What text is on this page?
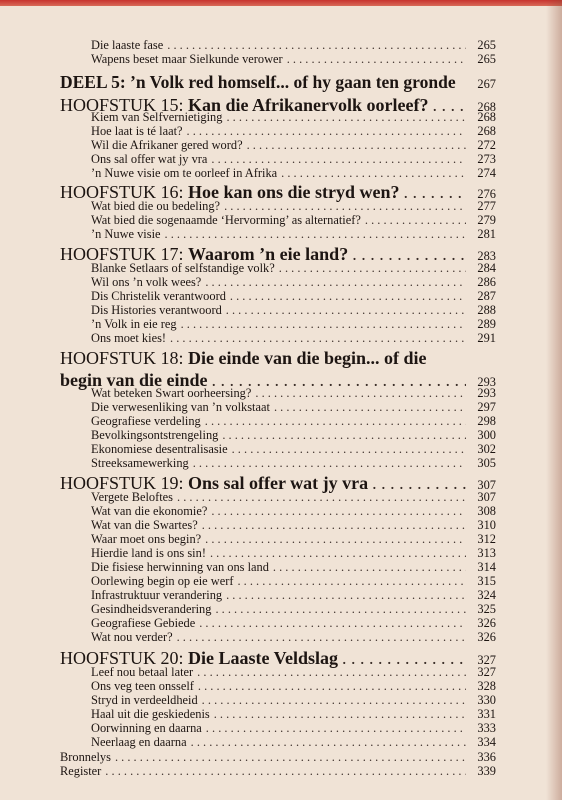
Die laaste fase . . .	265
Wapens beset maar Sielkunde verower . . .	265
DEEL 5: ’n Volk red homself... of hy gaan ten gronde	267
HOOFSTUK 15: Kan die Afrikanervolk oorleef? . . .	268
Kiem van Selfvernietiging . . .	268
Hoe laat is té laat? . . .	268
Wil die Afrikaner gered word? . . .	272
Ons sal offer wat jy vra . . .	273
’n Nuwe visie om te oorleef in Afrika . . .	274
HOOFSTUK 16: Hoe kan ons die stryd wen? . . .	276
Wat bied die ou bedeling? . . .	277
Wat bied die sogenaamde ‘Hervorming’ as alternatief? . . .	279
’n Nuwe visie . . .	281
HOOFSTUK 17: Waarom ’n eie land? . . .	283
Blanke Setlaars of selfstandige volk? . . .	284
Wil ons ’n volk wees? . . .	286
Dis Christelik verantwoord . . .	287
Dis Histories verantwoord . . .	288
’n Volk in eie reg . . .	289
Ons moet kies! . . .	291
HOOFSTUK 18: Die einde van die begin... of die
begin van die einde . . .	293
Wat beteken Swart oorheersing? . . .	293
Die verwesenliking van ’n volkstaat . . .	297
Geografiese verdeling . . .	298
Bevolkingsontstrengeling . . .	300
Ekonomiese desentralisasie . . .	302
Streeksamewerking . . .	305
HOOFSTUK 19: Ons sal offer wat jy vra . . .	307
Vergete Beloftes . . .	307
Wat van die ekonomie? . . .	308
Wat van die Swartes? . . .	310
Waar moet ons begin? . . .	312
Hierdie land is ons sin! . . .	313
Die fisiese herwinning van ons land . . .	314
Oorlewing begin op eie werf . . .	315
Infrastruktuur verandering . . .	324
Gesindheidsverandering . . .	325
Geografiese Gebiede . . .	326
Wat nou verder? . . .	326
HOOFSTUK 20: Die Laaste Veldslag . . .	327
Leef nou betaal later . . .	327
Ons veg teen onsself . . .	328
Stryd in verdeeldheid . . .	330
Haal uit die geskiedenis . . .	331
Oorwinning en daarna . . .	333
Neerlaag en daarna . . .	334
Bronnelys . . .	336
Register . . .	339
